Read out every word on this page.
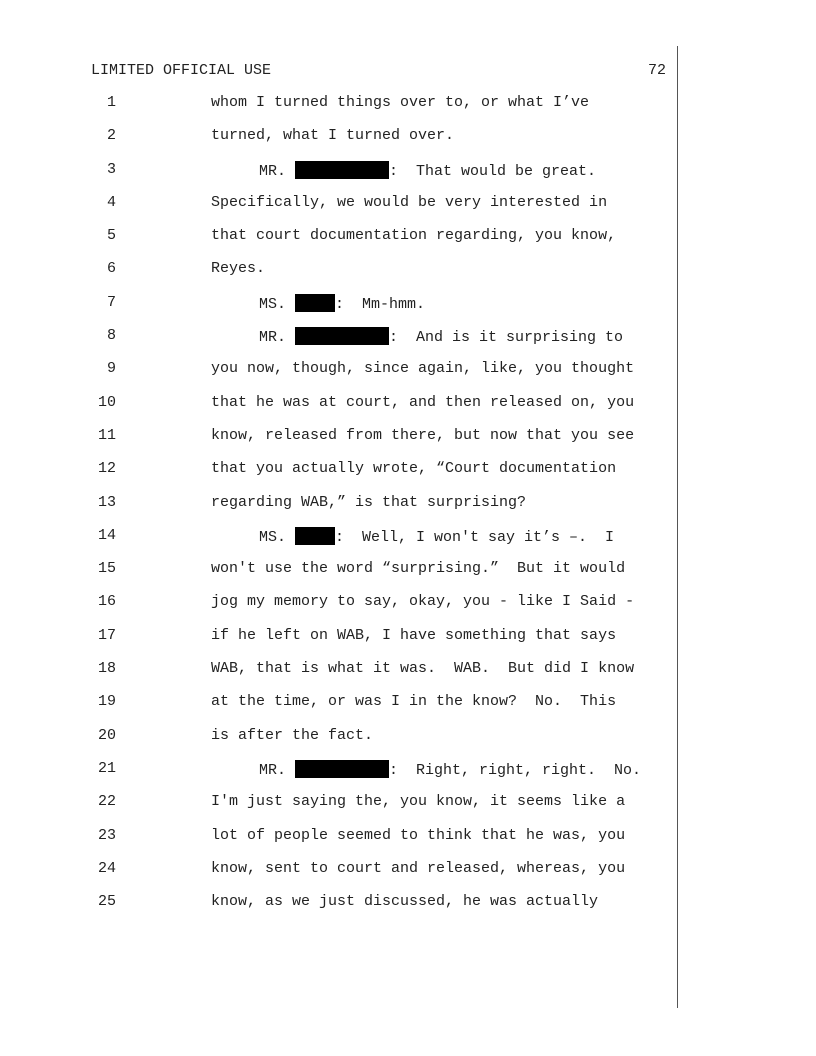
LIMITED OFFICIAL USE	72
1	whom I turned things over to, or what I’ve
2	turned, what I turned over.
3	MR.	:  That would be great.
4	Specifically, we would be very interested in
5	that court documentation regarding, you know,
6	Reyes.
7	MS.	:  Mm-hmm.
8	MR.	:  And is it surprising to
9	you now, though, since again, like, you thought
10	that he was at court, and then released on, you
11	know, released from there, but now that you see
12	that you actually wrote, “Court documentation
13	regarding WAB,” is that surprising?
14	MS.	:  Well, I won't say it’s –.  I
15	won't use the word “surprising.”  But it would
16	jog my memory to say, okay, you - like I Said -
17	if he left on WAB, I have something that says
18	WAB, that is what it was.  WAB.  But did I know
19	at the time, or was I in the know?  No.  This
20	is after the fact.
21	MR.	:  Right, right, right.  No.
22	I'm just saying the, you know, it seems like a
23	lot of people seemed to think that he was, you
24	know, sent to court and released, whereas, you
25	know, as we just discussed, he was actually
